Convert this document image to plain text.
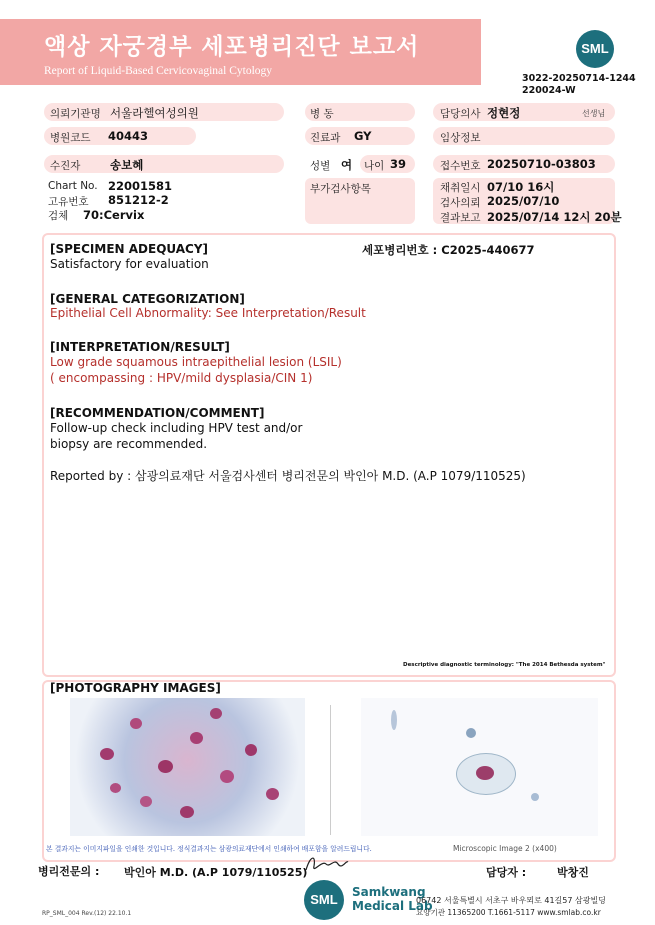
액상 자궁경부 세포병리진단 보고서
Report of Liquid-Based Cervicovaginal Cytology
SML
3022-20250714-1244
220024-W
의뢰기관명 서울라헬여성의원	병 동	담당의사 정현정	선생님
병원코드 40443	진료과 GY	임상정보
수진자	송보혜	성별 여 나이 39	접수번호 20250710-03803
Chart No. 22001581
고유번호 851212-2
검체 70:Cervix
부가검사항목	채취일시 07/10 16시
검사의뢰 2025/07/10
결과보고 2025/07/14 12시 20분
[SPECIMEN ADEQUACY]	세포병리번호 : C2025-440677
Satisfactory for evaluation
[GENERAL CATEGORIZATION]
Epithelial Cell Abnormality: See Interpretation/Result
[INTERPRETATION/RESULT]
Low grade squamous intraepithelial lesion (LSIL)
( encompassing : HPV/mild dysplasia/CIN 1)
[RECOMMENDATION/COMMENT]
Follow-up check including HPV test and/or
biopsy are recommended.
Reported by : 삼광의료재단 서울검사센터 병리전문의 박인아 M.D. (A.P 1079/110525)
Descriptive diagnostic terminology: "The 2014 Bethesda system"
[PHOTOGRAPHY IMAGES]
Microscopic Image 2 (x400)
본 결과지는 이미지파일을 인쇄한 것입니다. 정식결과지는 삼광의료재단에서 인쇄하여 배포함을 알려드립니다.
병리전문의 : 박인아 M.D. (A.P 1079/110525)	담당자 :	박창진
SML	Samkwang
Medical Lab
06742 서울특별시 서초구 바우뫼로 41길57 삼광빌딩
요양기관 11365200 T.1661-5117 www.smlab.co.kr
RP_SML_004 Rev.(12) 22.10.1
